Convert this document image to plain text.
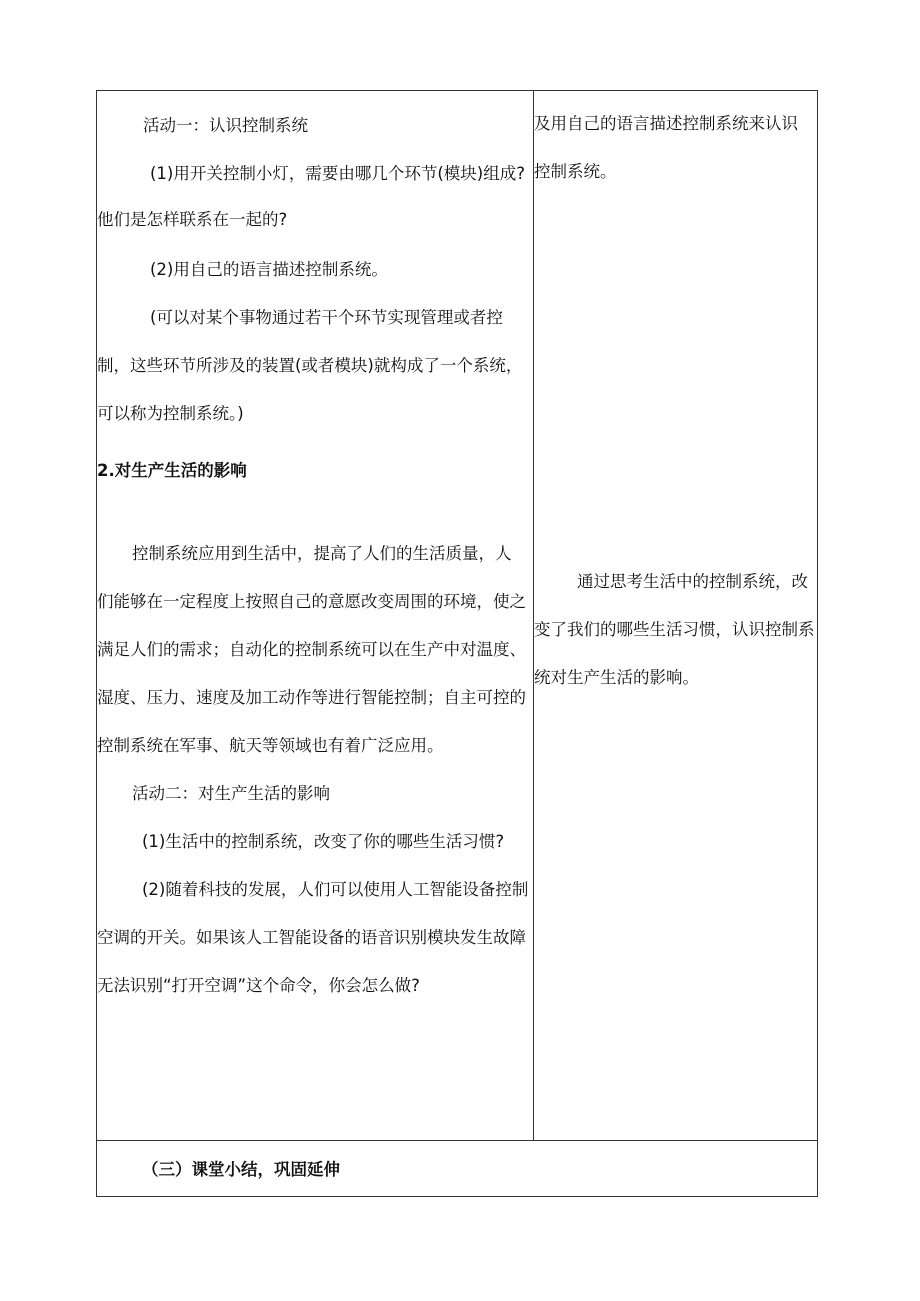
活动一：认识控制系统
(1)用开关控制小灯，需要由哪几个环节(模块)组成?
他们是怎样联系在一起的?
(2)用自己的语言描述控制系统。
(可以对某个事物通过若干个环节实现管理或者控
制，这些环节所涉及的装置(或者模块)就构成了一个系统，
可以称为控制系统。)
2.对生产生活的影响
控制系统应用到生活中，提高了人们的生活质量，人
们能够在一定程度上按照自己的意愿改变周围的环境，使之
满足人们的需求；自动化的控制系统可以在生产中对温度、
湿度、压力、速度及加工动作等进行智能控制；自主可控的
控制系统在军事、航天等领域也有着广泛应用。
活动二：对生产生活的影响
(1)生活中的控制系统，改变了你的哪些生活习惯?
(2)随着科技的发展，人们可以使用人工智能设备控制
空调的开关。如果该人工智能设备的语音识别模块发生故障
无法识别“打开空调”这个命令，你会怎么做?
及用自己的语言描述控制系统来认识
控制系统。
通过思考生活中的控制系统，改
变了我们的哪些生活习惯，认识控制系
统对生产生活的影响。
（三）课堂小结，巩固延伸
